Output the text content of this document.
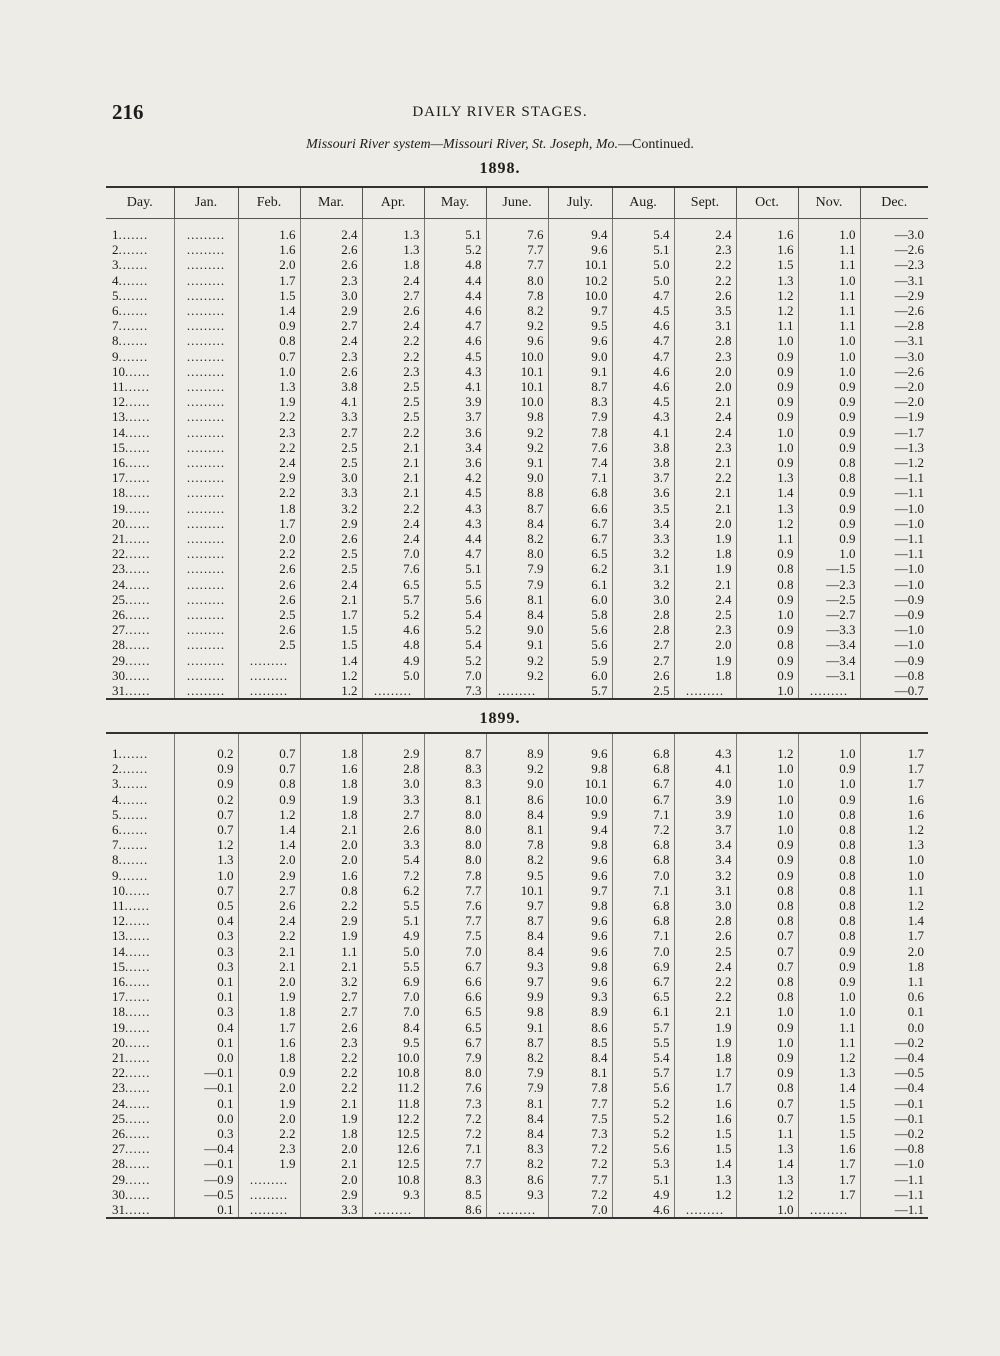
216	DAILY RIVER STAGES.
Missouri River system—Missouri River, St. Joseph, Mo.—Continued.
1898.
Day.	Jan.	Feb.	Mar.	Apr.	May.	June.	July.	Aug.	Sept.	Oct.	Nov.	Dec.
1.......	.........	1.6	2.4	1.3	5.1	7.6	9.4	5.4	2.4	1.6	1.0	—3.0
2.......	.........	1.6	2.6	1.3	5.2	7.7	9.6	5.1	2.3	1.6	1.1	—2.6
3.......	.........	2.0	2.6	1.8	4.8	7.7	10.1	5.0	2.2	1.5	1.1	—2.3
4.......	.........	1.7	2.3	2.4	4.4	8.0	10.2	5.0	2.2	1.3	1.0	—3.1
5.......	.........	1.5	3.0	2.7	4.4	7.8	10.0	4.7	2.6	1.2	1.1	—2.9
6.......	.........	1.4	2.9	2.6	4.6	8.2	9.7	4.5	3.5	1.2	1.1	—2.6
7.......	.........	0.9	2.7	2.4	4.7	9.2	9.5	4.6	3.1	1.1	1.1	—2.8
8.......	.........	0.8	2.4	2.2	4.6	9.6	9.6	4.7	2.8	1.0	1.0	—3.1
9.......	.........	0.7	2.3	2.2	4.5	10.0	9.0	4.7	2.3	0.9	1.0	—3.0
10......	.........	1.0	2.6	2.3	4.3	10.1	9.1	4.6	2.0	0.9	1.0	—2.6
11......	.........	1.3	3.8	2.5	4.1	10.1	8.7	4.6	2.0	0.9	0.9	—2.0
12......	.........	1.9	4.1	2.5	3.9	10.0	8.3	4.5	2.1	0.9	0.9	—2.0
13......	.........	2.2	3.3	2.5	3.7	9.8	7.9	4.3	2.4	0.9	0.9	—1.9
14......	.........	2.3	2.7	2.2	3.6	9.2	7.8	4.1	2.4	1.0	0.9	—1.7
15......	.........	2.2	2.5	2.1	3.4	9.2	7.6	3.8	2.3	1.0	0.9	—1.3
16......	.........	2.4	2.5	2.1	3.6	9.1	7.4	3.8	2.1	0.9	0.8	—1.2
17......	.........	2.9	3.0	2.1	4.2	9.0	7.1	3.7	2.2	1.3	0.8	—1.1
18......	.........	2.2	3.3	2.1	4.5	8.8	6.8	3.6	2.1	1.4	0.9	—1.1
19......	.........	1.8	3.2	2.2	4.3	8.7	6.6	3.5	2.1	1.3	0.9	—1.0
20......	.........	1.7	2.9	2.4	4.3	8.4	6.7	3.4	2.0	1.2	0.9	—1.0
21......	.........	2.0	2.6	2.4	4.4	8.2	6.7	3.3	1.9	1.1	0.9	—1.1
22......	.........	2.2	2.5	7.0	4.7	8.0	6.5	3.2	1.8	0.9	1.0	—1.1
23......	.........	2.6	2.5	7.6	5.1	7.9	6.2	3.1	1.9	0.8	—1.5	—1.0
24......	.........	2.6	2.4	6.5	5.5	7.9	6.1	3.2	2.1	0.8	—2.3	—1.0
25......	.........	2.6	2.1	5.7	5.6	8.1	6.0	3.0	2.4	0.9	—2.5	—0.9
26......	.........	2.5	1.7	5.2	5.4	8.4	5.8	2.8	2.5	1.0	—2.7	—0.9
27......	.........	2.6	1.5	4.6	5.2	9.0	5.6	2.8	2.3	0.9	—3.3	—1.0
28......	.........	2.5	1.5	4.8	5.4	9.1	5.6	2.7	2.0	0.8	—3.4	—1.0
29......	.........	.........	1.4	4.9	5.2	9.2	5.9	2.7	1.9	0.9	—3.4	—0.9
30......	.........	.........	1.2	5.0	7.0	9.2	6.0	2.6	1.8	0.9	—3.1	—0.8
31......	.........	.........	1.2	.........	7.3	.........	5.7	2.5	.........	1.0	.........	—0.7
1899.
1.......	0.2	0.7	1.8	2.9	8.7	8.9	9.6	6.8	4.3	1.2	1.0	1.7
2.......	0.9	0.7	1.6	2.8	8.3	9.2	9.8	6.8	4.1	1.0	0.9	1.7
3.......	0.9	0.8	1.8	3.0	8.3	9.0	10.1	6.7	4.0	1.0	1.0	1.7
4.......	0.2	0.9	1.9	3.3	8.1	8.6	10.0	6.7	3.9	1.0	0.9	1.6
5.......	0.7	1.2	1.8	2.7	8.0	8.4	9.9	7.1	3.9	1.0	0.8	1.6
6.......	0.7	1.4	2.1	2.6	8.0	8.1	9.4	7.2	3.7	1.0	0.8	1.2
7.......	1.2	1.4	2.0	3.3	8.0	7.8	9.8	6.8	3.4	0.9	0.8	1.3
8.......	1.3	2.0	2.0	5.4	8.0	8.2	9.6	6.8	3.4	0.9	0.8	1.0
9.......	1.0	2.9	1.6	7.2	7.8	9.5	9.6	7.0	3.2	0.9	0.8	1.0
10......	0.7	2.7	0.8	6.2	7.7	10.1	9.7	7.1	3.1	0.8	0.8	1.1
11......	0.5	2.6	2.2	5.5	7.6	9.7	9.8	6.8	3.0	0.8	0.8	1.2
12......	0.4	2.4	2.9	5.1	7.7	8.7	9.6	6.8	2.8	0.8	0.8	1.4
13......	0.3	2.2	1.9	4.9	7.5	8.4	9.6	7.1	2.6	0.7	0.8	1.7
14......	0.3	2.1	1.1	5.0	7.0	8.4	9.6	7.0	2.5	0.7	0.9	2.0
15......	0.3	2.1	2.1	5.5	6.7	9.3	9.8	6.9	2.4	0.7	0.9	1.8
16......	0.1	2.0	3.2	6.9	6.6	9.7	9.6	6.7	2.2	0.8	0.9	1.1
17......	0.1	1.9	2.7	7.0	6.6	9.9	9.3	6.5	2.2	0.8	1.0	0.6
18......	0.3	1.8	2.7	7.0	6.5	9.8	8.9	6.1	2.1	1.0	1.0	0.1
19......	0.4	1.7	2.6	8.4	6.5	9.1	8.6	5.7	1.9	0.9	1.1	0.0
20......	0.1	1.6	2.3	9.5	6.7	8.7	8.5	5.5	1.9	1.0	1.1	—0.2
21......	0.0	1.8	2.2	10.0	7.9	8.2	8.4	5.4	1.8	0.9	1.2	—0.4
22......	—0.1	0.9	2.2	10.8	8.0	7.9	8.1	5.7	1.7	0.9	1.3	—0.5
23......	—0.1	2.0	2.2	11.2	7.6	7.9	7.8	5.6	1.7	0.8	1.4	—0.4
24......	0.1	1.9	2.1	11.8	7.3	8.1	7.7	5.2	1.6	0.7	1.5	—0.1
25......	0.0	2.0	1.9	12.2	7.2	8.4	7.5	5.2	1.6	0.7	1.5	—0.1
26......	0.3	2.2	1.8	12.5	7.2	8.4	7.3	5.2	1.5	1.1	1.5	—0.2
27......	—0.4	2.3	2.0	12.6	7.1	8.3	7.2	5.6	1.5	1.3	1.6	—0.8
28......	—0.1	1.9	2.1	12.5	7.7	8.2	7.2	5.3	1.4	1.4	1.7	—1.0
29......	—0.9	.........	2.0	10.8	8.3	8.6	7.7	5.1	1.3	1.3	1.7	—1.1
30......	—0.5	.........	2.9	9.3	8.5	9.3	7.2	4.9	1.2	1.2	1.7	—1.1
31......	0.1	.........	3.3	.........	8.6	.........	7.0	4.6	.........	1.0	.........	—1.1
